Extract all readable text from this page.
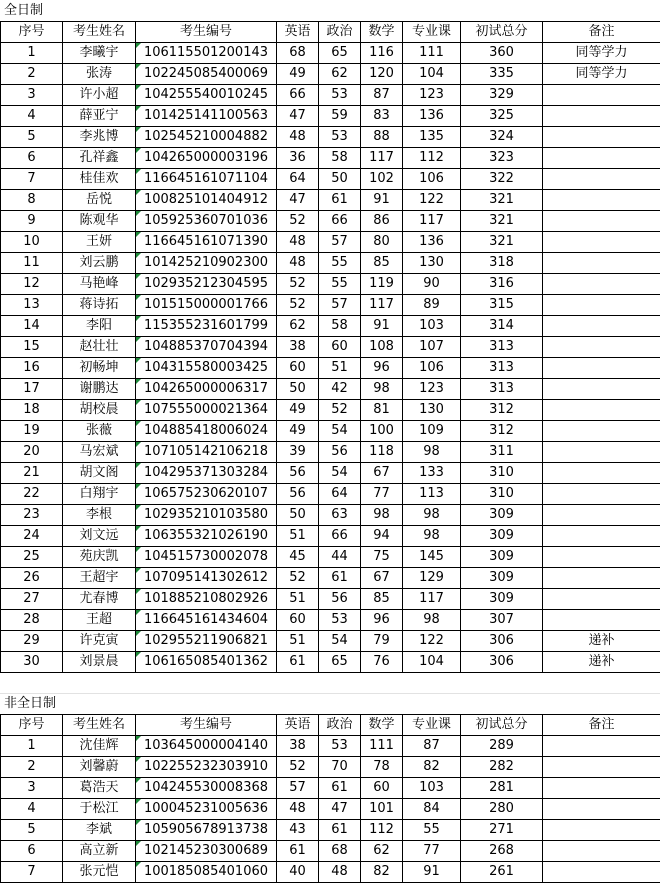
全日制
序号	考生姓名	考生编号	英语	政治	数学	专业课	初试总分	备注
1	李曦宇	106115501200143	68	65	116	111	360	同等学力
2	张涛	102245085400069	49	62	120	104	335	同等学力
3	许小超	104255540010245	66	53	87	123	329	
4	薛亚宁	101425141100563	47	59	83	136	325	
5	李兆博	102545210004882	48	53	88	135	324	
6	孔祥鑫	104265000003196	36	58	117	112	323	
7	桂佳欢	116645161071104	64	50	102	106	322	
8	岳悦	100825101404912	47	61	91	122	321	
9	陈观华	105925360701036	52	66	86	117	321	
10	王妍	116645161071390	48	57	80	136	321	
11	刘云鹏	101425210902300	48	55	85	130	318	
12	马艳峰	102935212304595	52	55	119	90	316	
13	蒋诗拓	101515000001766	52	57	117	89	315	
14	李阳	115355231601799	62	58	91	103	314	
15	赵壮壮	104885370704394	38	60	108	107	313	
16	初畅坤	104315580003425	60	51	96	106	313	
17	谢鹏达	104265000006317	50	42	98	123	313	
18	胡校晨	107555000021364	49	52	81	130	312	
19	张薇	104885418006024	49	54	100	109	312	
20	马宏斌	107105142106218	39	56	118	98	311	
21	胡文阁	104295371303284	56	54	67	133	310	
22	白翔宇	106575230620107	56	64	77	113	310	
23	李根	102935210103580	50	63	98	98	309	
24	刘文远	106355321026190	51	66	94	98	309	
25	苑庆凯	104515730002078	45	44	75	145	309	
26	王超宇	107095141302612	52	61	67	129	309	
27	尤春博	101885210802926	51	56	85	117	309	
28	王超	116645161434604	60	53	96	98	307	
29	许克寅	102955211906821	51	54	79	122	306	递补
30	刘景晨	106165085401362	61	65	76	104	306	递补
非全日制
序号	考生姓名	考生编号	英语	政治	数学	专业课	初试总分	备注
1	沈佳辉	103645000004140	38	53	111	87	289	
2	刘馨蔚	102255232303910	52	70	78	82	282	
3	葛浩天	104245530008368	57	61	60	103	281	
4	于松江	100045231005636	48	47	101	84	280	
5	李斌	105905678913738	43	61	112	55	271	
6	高立新	102145230300689	61	68	62	77	268	
7	张元恺	100185085401060	40	48	82	91	261	
